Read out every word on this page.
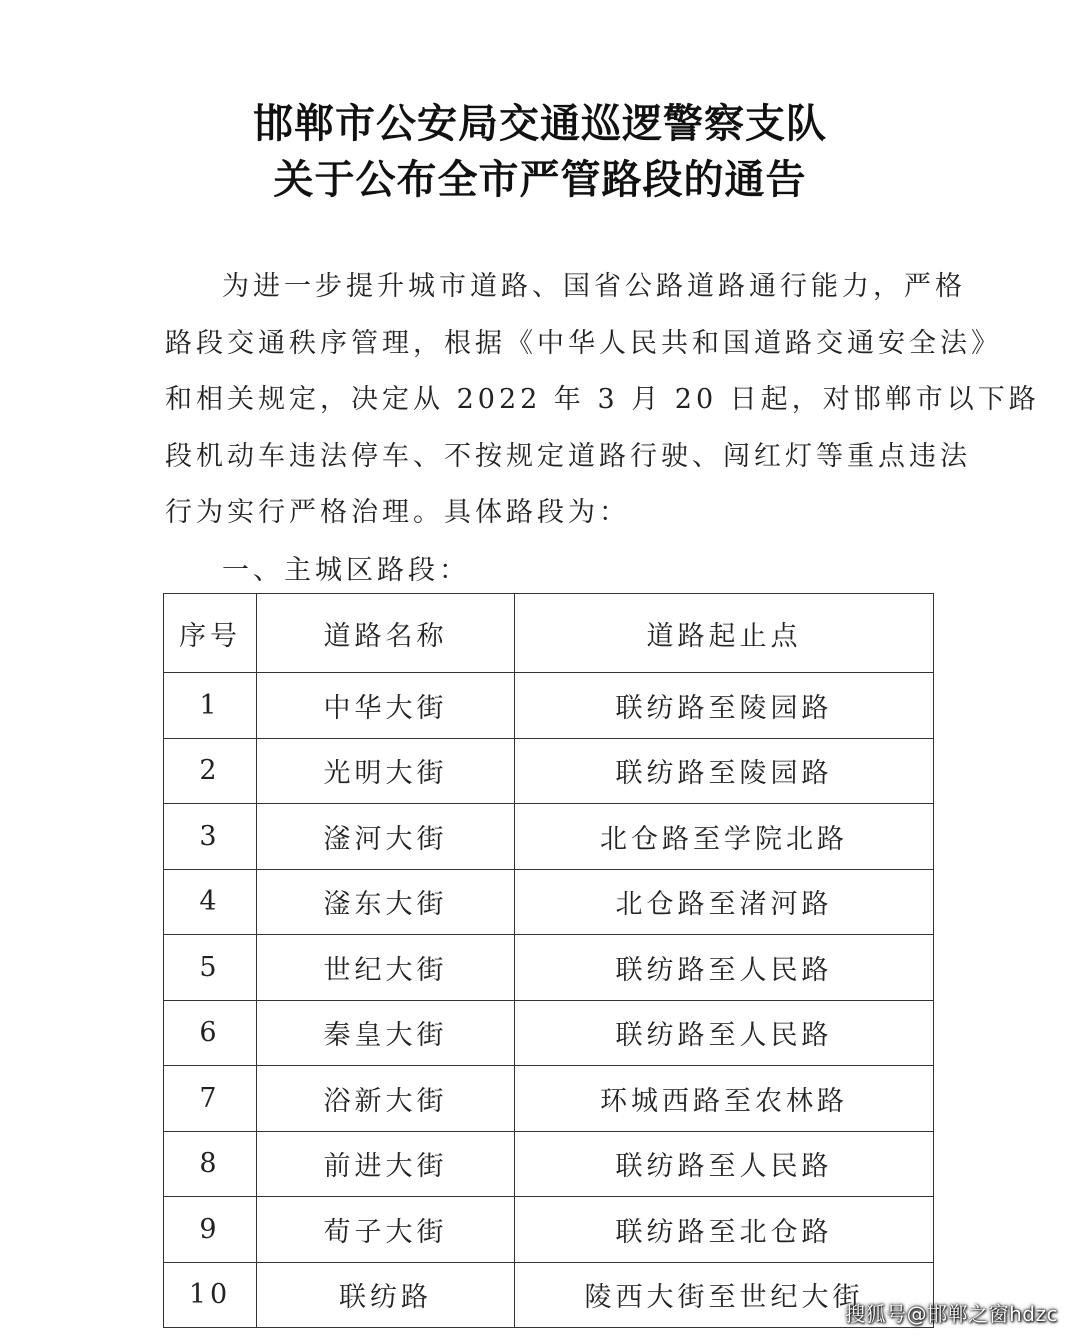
邯郸市公安局交通巡逻警察支队
关于公布全市严管路段的通告
为进一步提升城市道路、国省公路道路通行能力，严格
路段交通秩序管理，根据《中华人民共和国道路交通安全法》
和相关规定，决定从 2022 年 3 月 20 日起，对邯郸市以下路
段机动车违法停车、不按规定道路行驶、闯红灯等重点违法
行为实行严格治理。具体路段为：
一、主城区路段：
序号	道路名称	道路起止点
1	中华大街	联纺路至陵园路
2	光明大街	联纺路至陵园路
3	滏河大街	北仓路至学院北路
4	滏东大街	北仓路至渚河路
5	世纪大街	联纺路至人民路
6	秦皇大街	联纺路至人民路
7	浴新大街	环城西路至农林路
8	前进大街	联纺路至人民路
9	荀子大街	联纺路至北仓路
10	联纺路	陵西大街至世纪大街
搜狐号@邯郸之窗hdzc
